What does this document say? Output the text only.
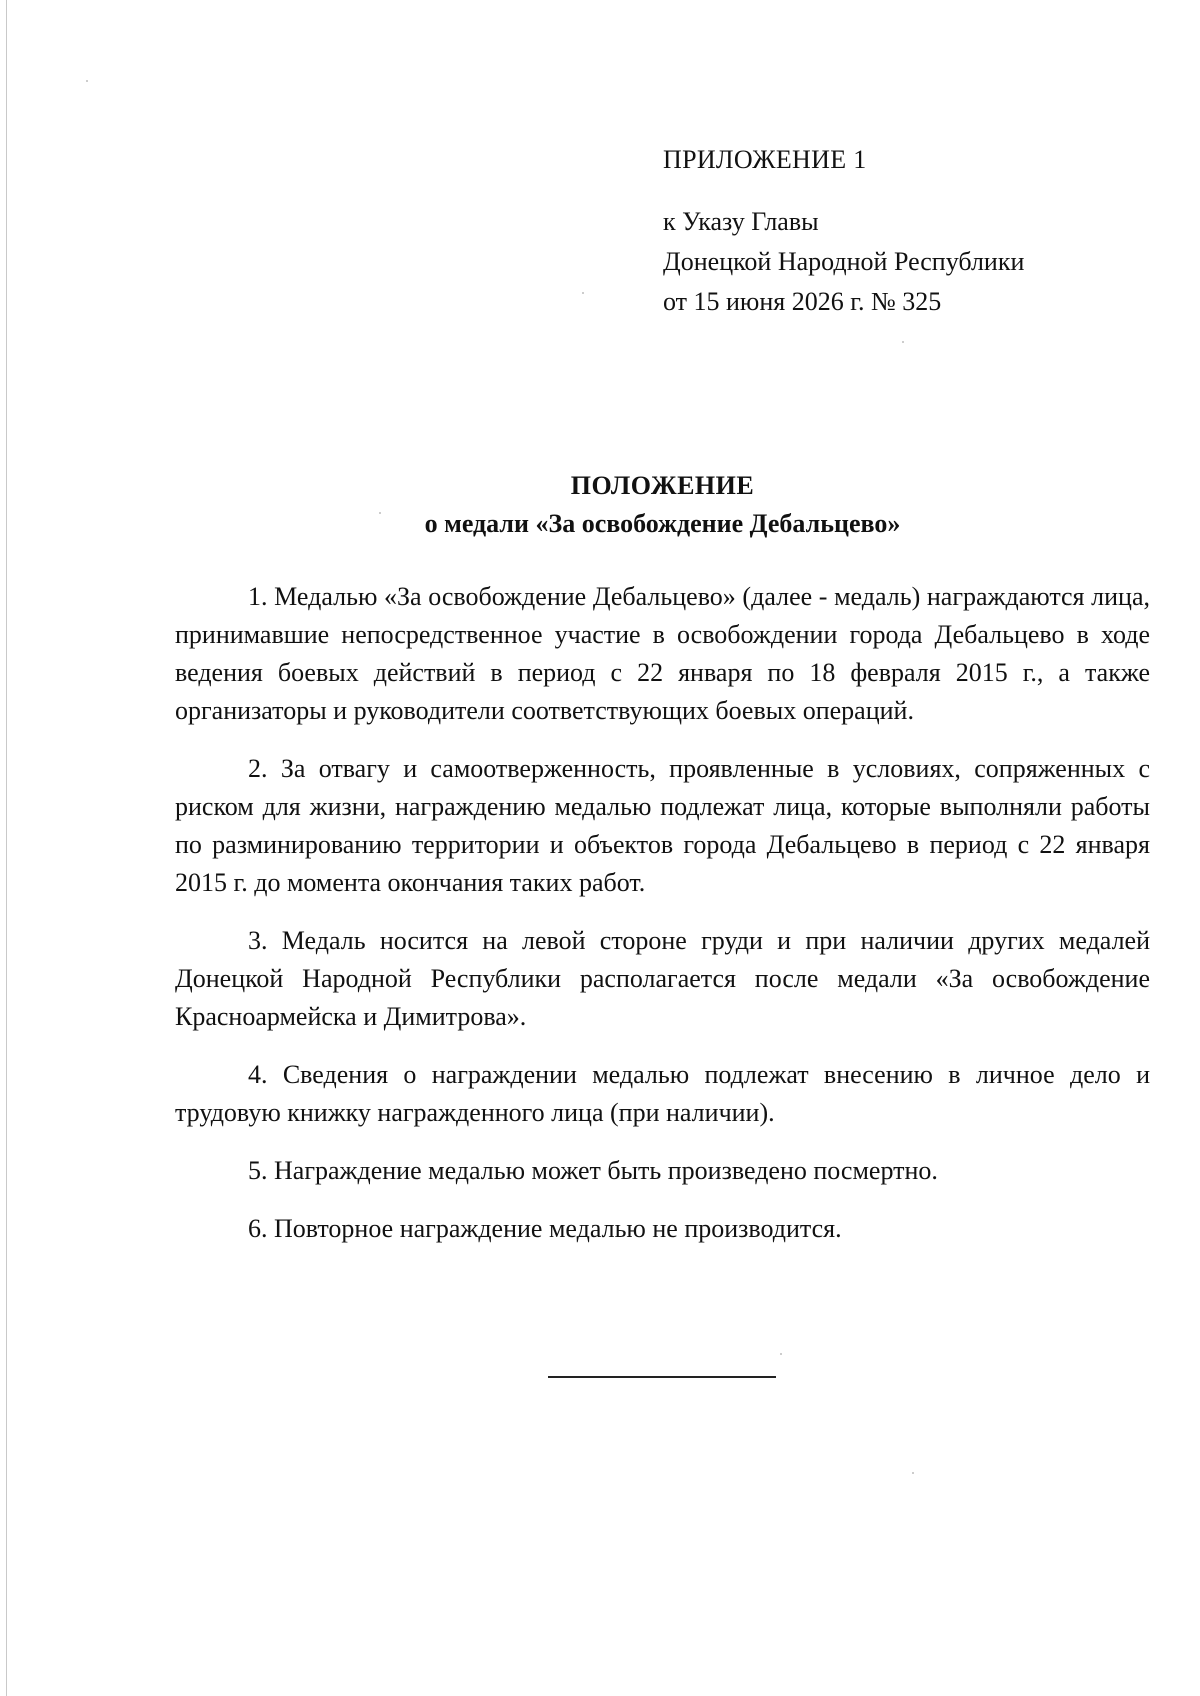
ПРИЛОЖЕНИЕ 1

к Указу Главы

Донецкой Народной Республики

от 15 июня 2026 г. № 325

ПОЛОЖЕНИЕ

о медали «За освобождение Дебальцево»

1. Медалью «За освобождение Дебальцево» (далее - медаль) награждаются лица, принимавшие непосредственное участие в освобождении города Дебальцево в ходе ведения боевых действий в период с 22 января по 18 февраля 2015 г., а также организаторы и руководители соответствующих боевых операций.

2. За отвагу и самоотверженность, проявленные в условиях, сопряженных с риском для жизни, награждению медалью подлежат лица, которые выполняли работы по разминированию территории и объектов города Дебальцево в период с 22 января 2015 г. до момента окончания таких работ.

3. Медаль носится на левой стороне груди и при наличии других медалей Донецкой Народной Республики располагается после медали «За освобождение Красноармейска и Димитрова».

4. Сведения о награждении медалью подлежат внесению в личное дело и трудовую книжку награжденного лица (при наличии).

5. Награждение медалью может быть произведено посмертно.

6. Повторное награждение медалью не производится.
